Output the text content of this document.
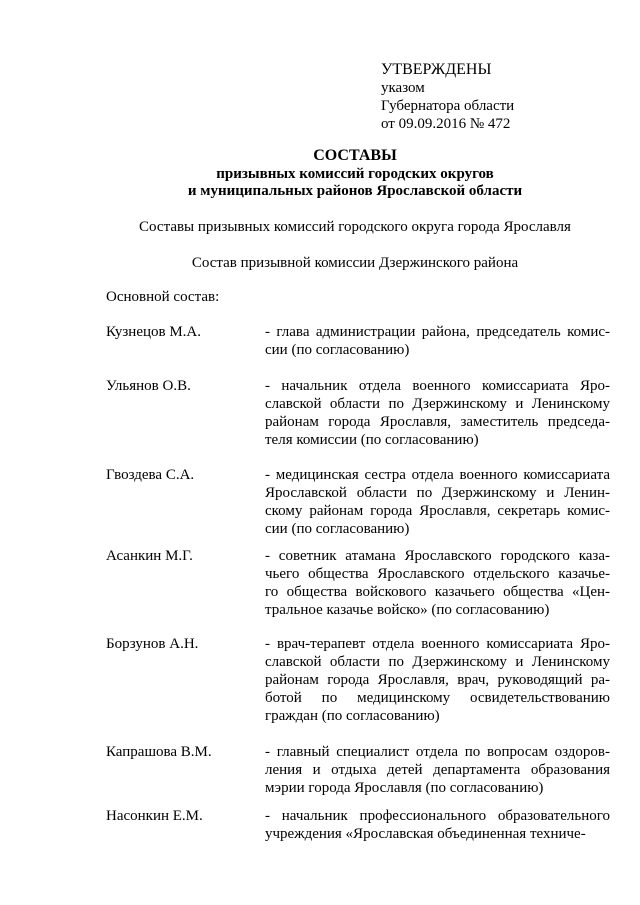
УТВЕРЖДЕНЫ
указом
Губернатора области
от 09.09.2016 № 472
СОСТАВЫ
призывных комиссий городских округов
и муниципальных районов Ярославской области
Составы призывных комиссий городского округа города Ярославля
Состав призывной комиссии Дзержинского района
Основной состав:
Кузнецов М.А.	- глава администрации района, председатель комис-
сии (по согласованию)
Ульянов О.В.	- начальник отдела военного комиссариата Яро-
славской области по Дзержинскому и Ленинскому
районам города Ярославля, заместитель председа-
теля комиссии (по согласованию)
Гвоздева С.А.	- медицинская сестра отдела военного комиссариата
Ярославской области по Дзержинскому и Ленин-
скому районам города Ярославля, секретарь комис-
сии (по согласованию)
Асанкин М.Г.	- советник атамана Ярославского городского каза-
чьего общества Ярославского отдельского казачье-
го общества войскового казачьего общества «Цен-
тральное казачье войско» (по согласованию)
Борзунов А.Н.	- врач-терапевт отдела военного комиссариата Яро-
славской области по Дзержинскому и Ленинскому
районам города Ярославля, врач, руководящий ра-
ботой по медицинскому освидетельствованию
граждан (по согласованию)
Капрашова В.М.	- главный специалист отдела по вопросам оздоров-
ления и отдыха детей департамента образования
мэрии города Ярославля (по согласованию)
Насонкин Е.М.	- начальник профессионального образовательного
учреждения «Ярославская объединенная техниче-
